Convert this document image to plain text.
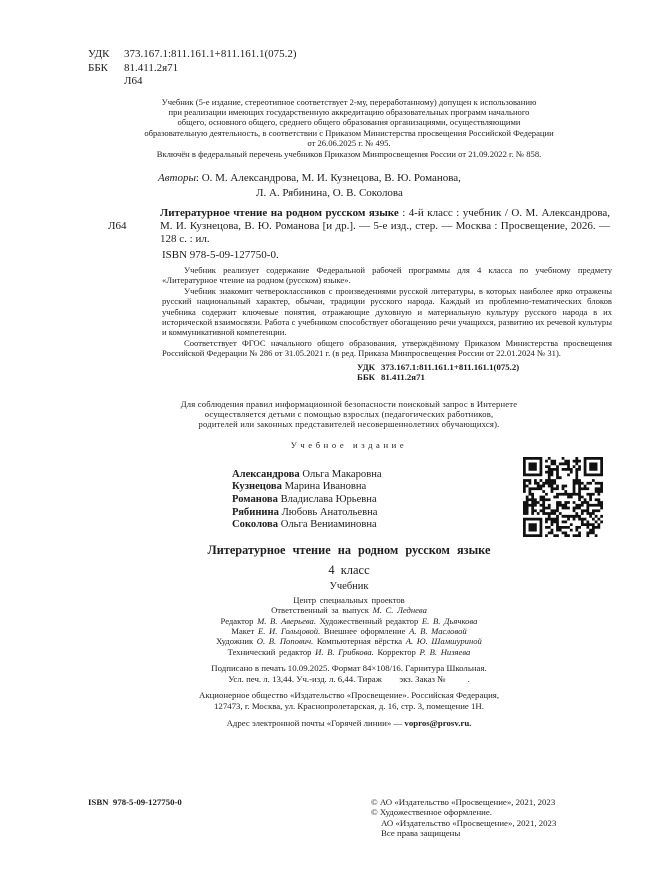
УДК 373.167.1:811.161.1+811.161.1(075.2)
ББК 81.411.2я71
Л64
Учебник (5-е издание, стереотипное соответствует 2-му, переработанному) допущен к использованию
при реализации имеющих государственную аккредитацию образовательных программ начального
общего, основного общего, среднего общего образования организациями, осуществляющими
образовательную деятельность, в соответствии с Приказом Министерства просвещения Российской Федерации
от 26.06.2025 г. № 495.
Включён в федеральный перечень учебников Приказом Минпросвещения России от 21.09.2022 г. № 858.
Авторы: О. М. Александрова, М. И. Кузнецова, В. Ю. Романова,
Л. А. Рябинина, О. В. Соколова
Л64
Литературное чтение на родном русском языке : 4-й класс : учебник / О. М. Александрова, М. И. Кузнецова, В. Ю. Романова [и др.]. — 5-е изд., стер. — Москва : Просвещение, 2026. — 128 с. : ил.
ISBN 978-5-09-127750-0.
Учебник реализует содержание Федеральной рабочей программы для 4 класса по учебному предмету «Литературное чтение на родном (русском) языке».
Учебник знакомит четвероклассников с произведениями русской литературы, в которых наиболее ярко отражены русский национальный характер, обычаи, традиции русского народа. Каждый из проблемно-тематических блоков учебника содержит ключевые понятия, отражающие духовную и материальную культуру русского народа в их исторической взаимосвязи. Работа с учебником способствует обогащению речи учащихся, развитию их речевой культуры и коммуникативной компетенции.
Соответствует ФГОС начального общего образования, утверждённому Приказом Министерства просвещения Российской Федерации № 286 от 31.05.2021 г. (в ред. Приказа Минпросвещения России от 22.01.2024 № 31).
УДК 373.167.1:811.161.1+811.161.1(075.2)
ББК 81.411.2я71
Для соблюдения правил информационной безопасности поисковый запрос в Интернете
осуществляется детьми с помощью взрослых (педагогических работников,
родителей или законных представителей несовершеннолетних обучающихся).
Учебное издание
Александрова Ольга Макаровна
Кузнецова Марина Ивановна
Романова Владислава Юрьевна
Рябинина Любовь Анатольевна
Соколова Ольга Вениаминовна
Литературное чтение на родном русском языке
4 класс
Учебник
Центр специальных проектов
Ответственный за выпуск М. С. Леднева
Редактор М. В. Аверьева. Художественный редактор Е. В. Дьячкова
Макет Е. И. Гольцовой. Внешнее оформление А. В. Масловой
Художник О. В. Попович. Компьютерная вёрстка А. Ю. Шамшуриной
Технический редактор И. В. Грибкова. Корректор Р. В. Низяева
Подписано в печать 10.09.2025. Формат 84×108/16. Гарнитура Школьная.
Усл. печ. л. 13,44. Уч.-изд. л. 6,44. Тираж        экз. Заказ №          .
Акционерное общество «Издательство «Просвещение». Российская Федерация,
127473, г. Москва, ул. Краснопролетарская, д. 16, стр. 3, помещение 1Н.
Адрес электронной почты «Горячей линии» — vopros@prosv.ru.
ISBN  978-5-09-127750-0	© АО «Издательство «Просвещение», 2021, 2023
© Художественное оформление.
АО «Издательство «Просвещение», 2021, 2023
Все права защищены
